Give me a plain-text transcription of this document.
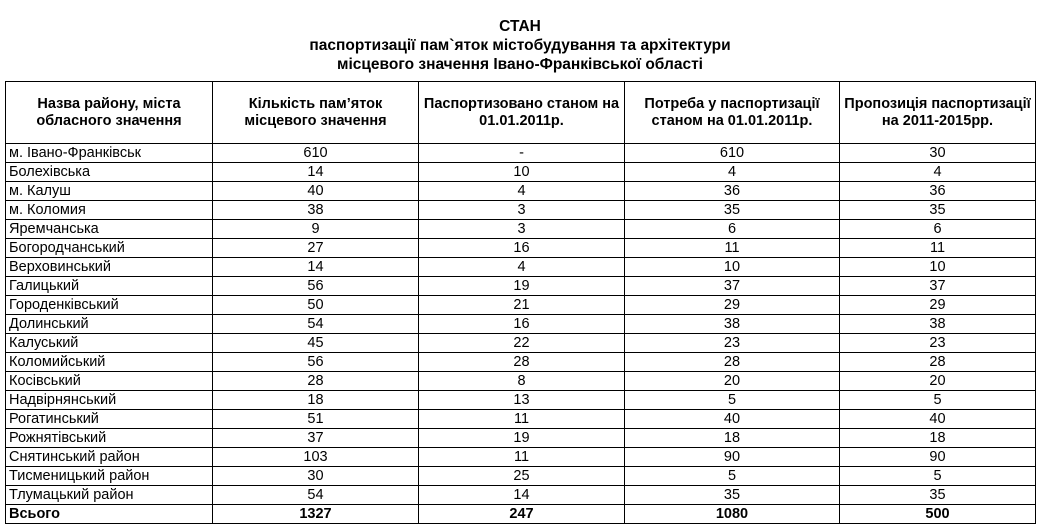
СТАН
паспортизації пам`яток містобудування та архітектури
місцевого значення Івано-Франківської області
Назва району, міста обласного значення	Кількість пам’яток місцевого значення	Паспортизовано станом на 01.01.2011р.	Потреба у паспортизації станом на 01.01.2011р.	Пропозиція паспортизації на 2011-2015рр.
м. Івано-Франківськ	610	-	610	30
Болехівська	14	10	4	4
м. Калуш	40	4	36	36
м. Коломия	38	3	35	35
Яремчанська	9	3	6	6
Богородчанський	27	16	11	11
Верховинський	14	4	10	10
Галицький	56	19	37	37
Городенківський	50	21	29	29
Долинський	54	16	38	38
Калуський	45	22	23	23
Коломийський	56	28	28	28
Косівський	28	8	20	20
Надвірнянський	18	13	5	5
Рогатинський	51	11	40	40
Рожнятівський	37	19	18	18
Снятинський район	103	11	90	90
Тисменицький район	30	25	5	5
Тлумацький район	54	14	35	35
Всього	1327	247	1080	500
